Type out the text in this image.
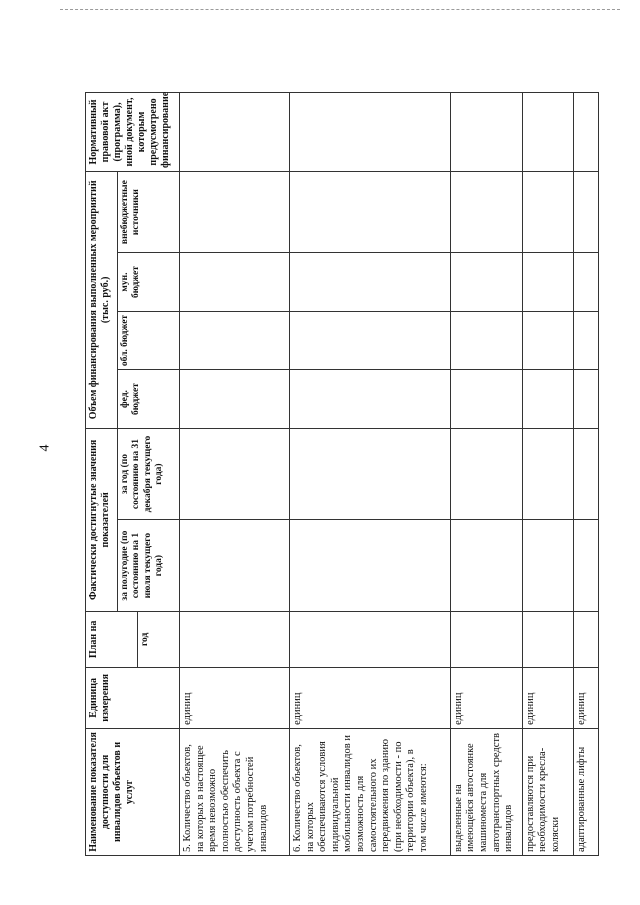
4
Наименование показателя доступности для инвалидов объектов и услуг	Единица измерения	План на	Фактически достигнутые значения показателей		Объем финансирования выполненных мероприятий (тыс. руб.)				Нормативный правовой акт (программа), иной документ, которым предусмотрено финансирование
			за полугодие (по состоянию на 1 июля текущего года)	за год (по состоянию на 31 декабря текущего года)	фед. бюджет	обл. бюджет	мун. бюджет	внебюджетные источники	
		год							
5. Количество объектов, на которых в настоящее время невозможно полностью обеспечить доступность объекта с учетом потребностей инвалидов	единиц								
6. Количество объектов, на которых обеспечиваются условия индивидуальной мобильности инвалидов и возможность для самостоятельного их передвижения по зданию (при необходимости - по территории объекта), в том числе имеются:	единиц								
выделенные на имеющейся автостоянке машиноместа для автотранспортных средств инвалидов	единиц								
предоставляются при необходимости кресла-коляски	единиц								
адаптированные лифты	единиц								
